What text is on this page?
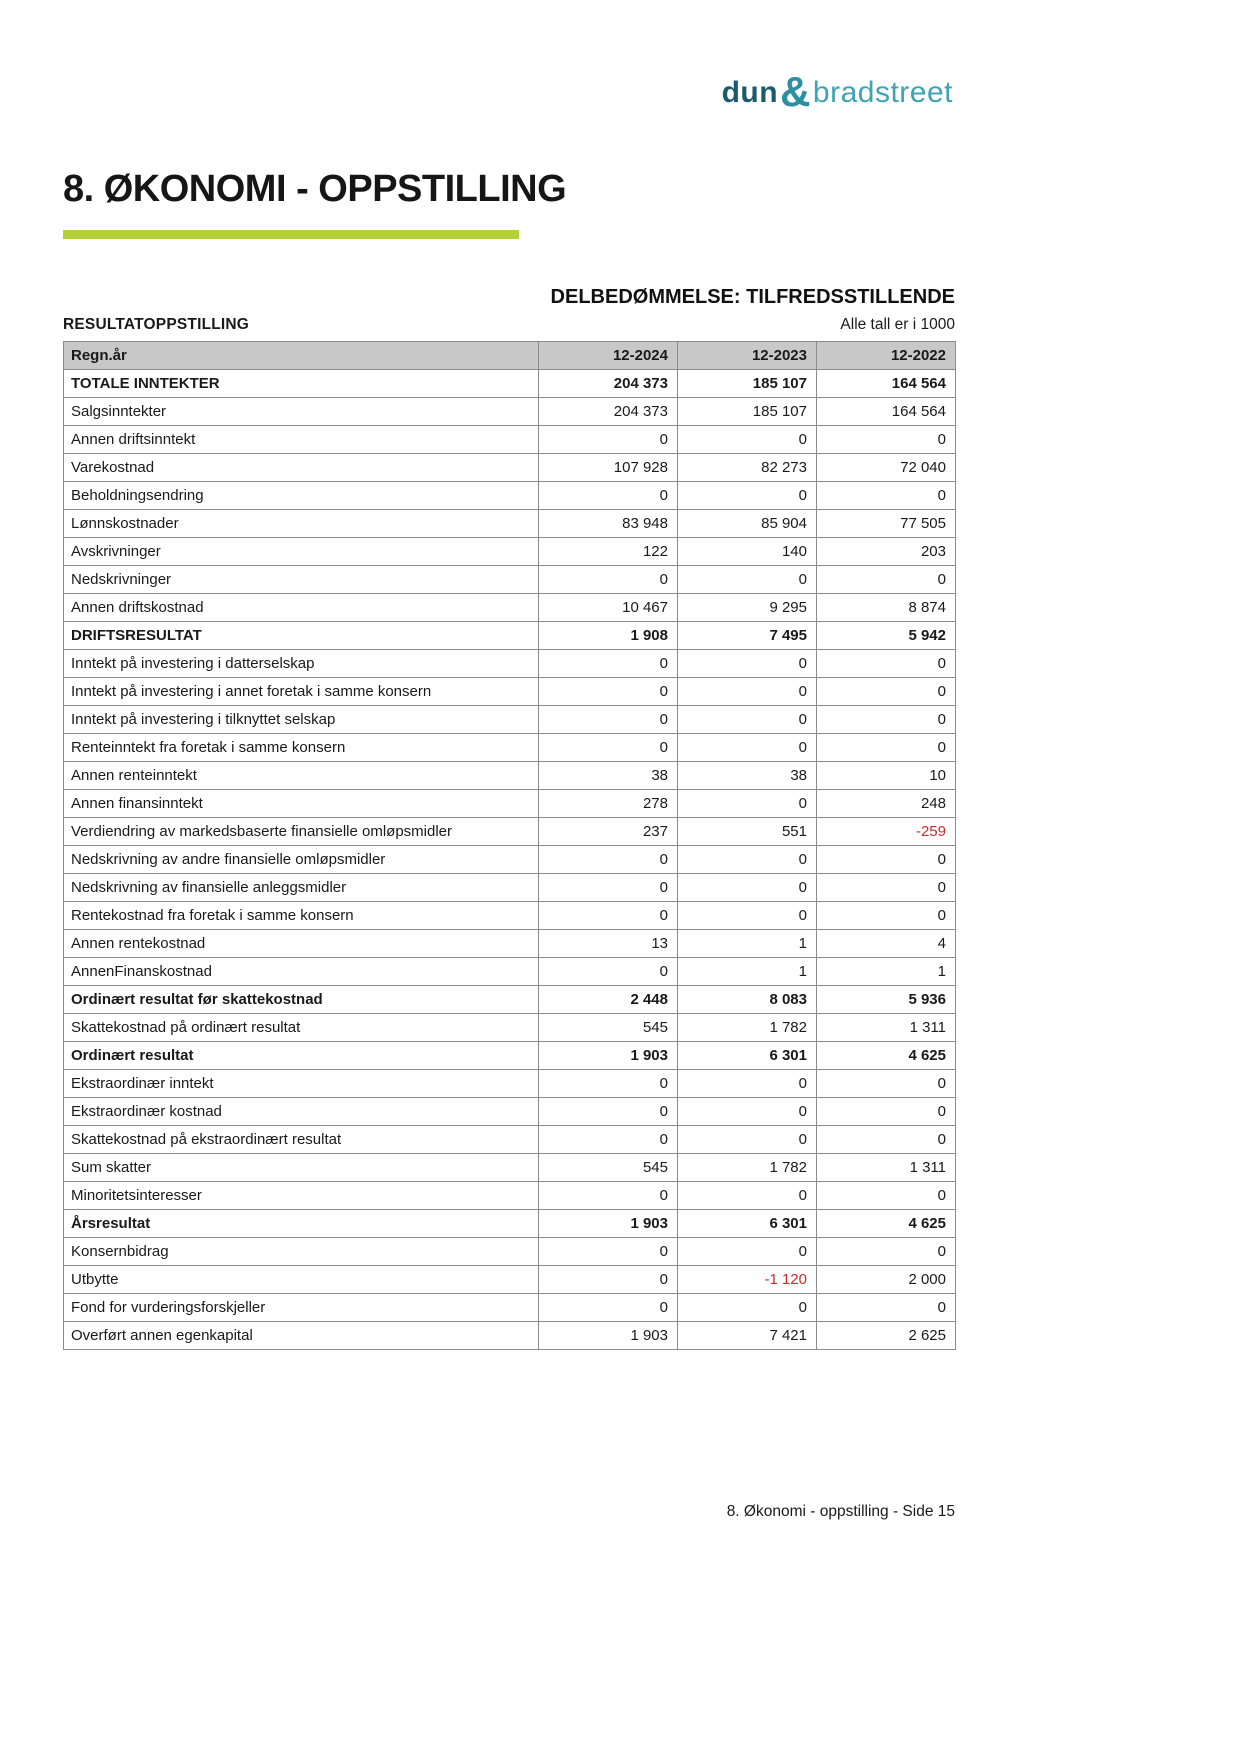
dun&bradstreet
8. ØKONOMI - OPPSTILLING
DELBEDØMMELSE: TILFREDSSTILLENDE
RESULTATOPPSTILLING	Alle tall er i 1000
Regn.år	12-2024	12-2023	12-2022
TOTALE INNTEKTER	204 373	185 107	164 564
Salgsinntekter	204 373	185 107	164 564
Annen driftsinntekt	0	0	0
Varekostnad	107 928	82 273	72 040
Beholdningsendring	0	0	0
Lønnskostnader	83 948	85 904	77 505
Avskrivninger	122	140	203
Nedskrivninger	0	0	0
Annen driftskostnad	10 467	9 295	8 874
DRIFTSRESULTAT	1 908	7 495	5 942
Inntekt på investering i datterselskap	0	0	0
Inntekt på investering i annet foretak i samme konsern	0	0	0
Inntekt på investering i tilknyttet selskap	0	0	0
Renteinntekt fra foretak i samme konsern	0	0	0
Annen renteinntekt	38	38	10
Annen finansinntekt	278	0	248
Verdiendring av markedsbaserte finansielle omløpsmidler	237	551	-259
Nedskrivning av andre finansielle omløpsmidler	0	0	0
Nedskrivning av finansielle anleggsmidler	0	0	0
Rentekostnad fra foretak i samme konsern	0	0	0
Annen rentekostnad	13	1	4
AnnenFinanskostnad	0	1	1
Ordinært resultat før skattekostnad	2 448	8 083	5 936
Skattekostnad på ordinært resultat	545	1 782	1 311
Ordinært resultat	1 903	6 301	4 625
Ekstraordinær inntekt	0	0	0
Ekstraordinær kostnad	0	0	0
Skattekostnad på ekstraordinært resultat	0	0	0
Sum skatter	545	1 782	1 311
Minoritetsinteresser	0	0	0
Årsresultat	1 903	6 301	4 625
Konsernbidrag	0	0	0
Utbytte	0	-1 120	2 000
Fond for vurderingsforskjeller	0	0	0
Overført annen egenkapital	1 903	7 421	2 625
8. Økonomi - oppstilling - Side 15
